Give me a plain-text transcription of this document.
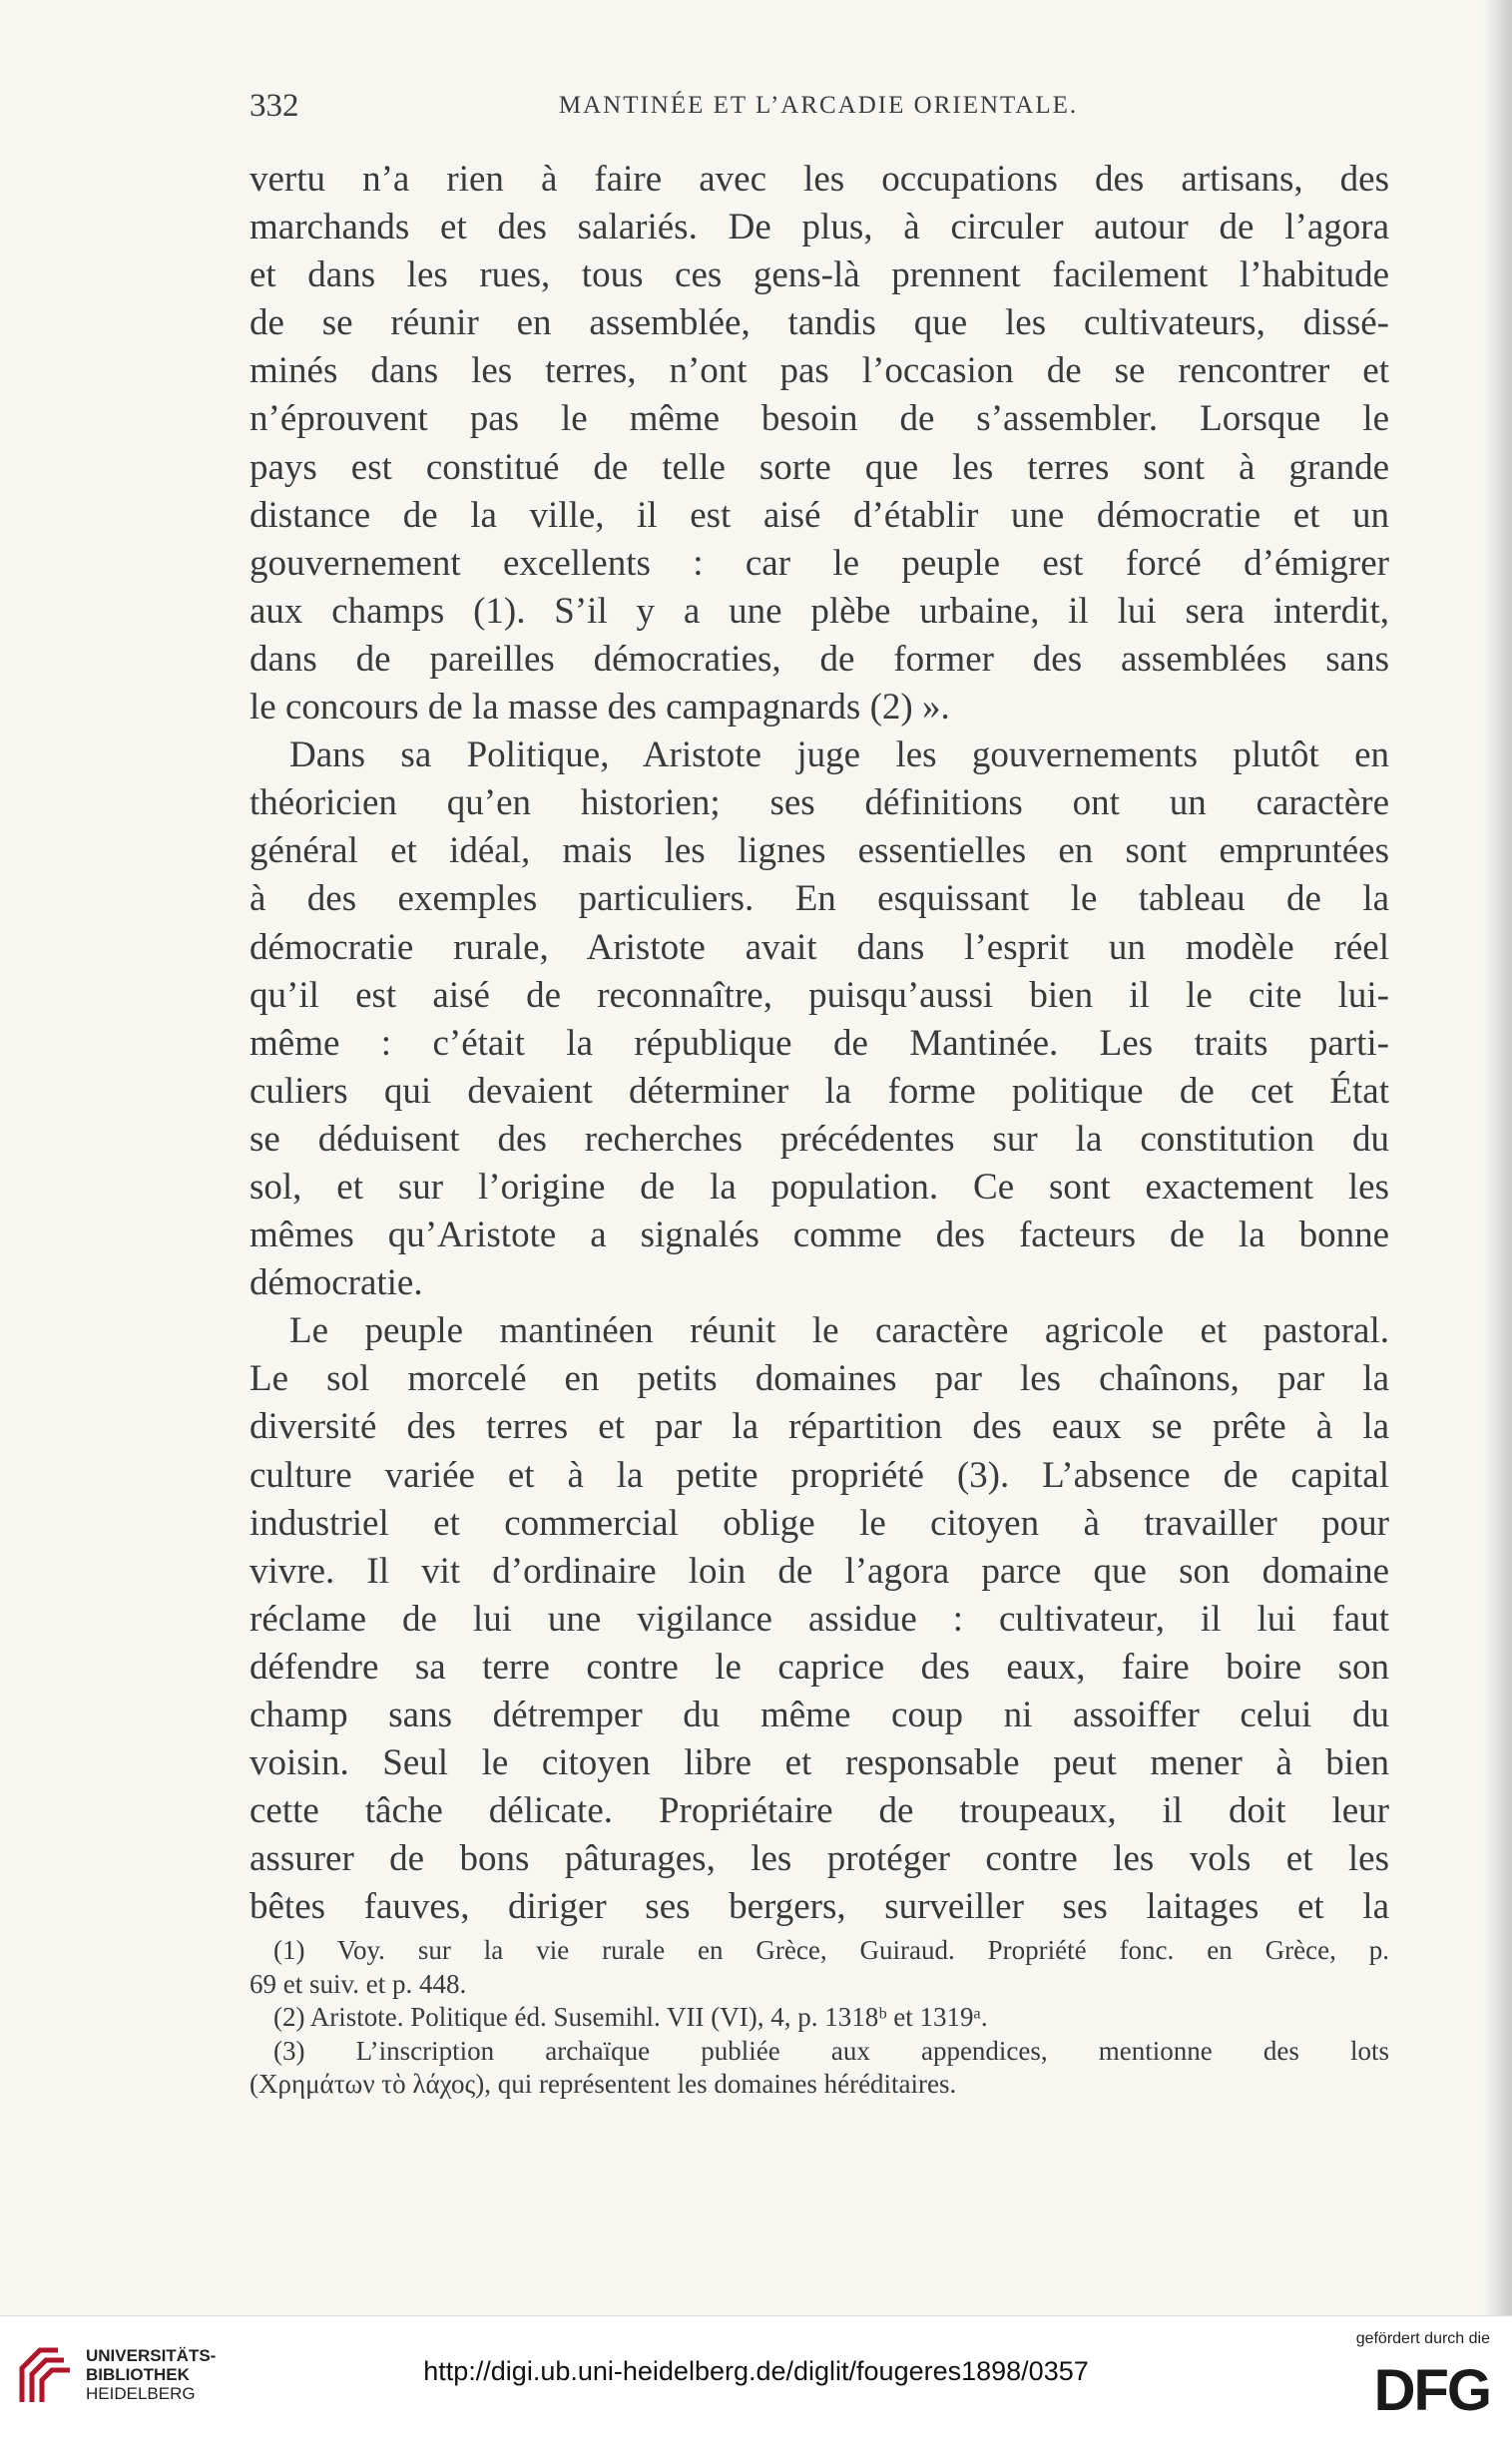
332	MANTINÉE ET L’ARCADIE ORIENTALE.
vertu n’a rien à faire avec les occupations des artisans, des
marchands et des salariés. De plus, à circuler autour de l’agora
et dans les rues, tous ces gens-là prennent facilement l’habitude
de se réunir en assemblée, tandis que les cultivateurs, dissé-
minés dans les terres, n’ont pas l’occasion de se rencontrer et
n’éprouvent pas le même besoin de s’assembler. Lorsque le
pays est constitué de telle sorte que les terres sont à grande
distance de la ville, il est aisé d’établir une démocratie et un
gouvernement excellents : car le peuple est forcé d’émigrer
aux champs (1). S’il y a une plèbe urbaine, il lui sera interdit,
dans de pareilles démocraties, de former des assemblées sans
le concours de la masse des campagnards (2) ».
Dans sa Politique, Aristote juge les gouvernements plutôt en
théoricien qu’en historien; ses définitions ont un caractère
général et idéal, mais les lignes essentielles en sont empruntées
à des exemples particuliers. En esquissant le tableau de la
démocratie rurale, Aristote avait dans l’esprit un modèle réel
qu’il est aisé de reconnaître, puisqu’aussi bien il le cite lui-
même : c’était la république de Mantinée. Les traits parti-
culiers qui devaient déterminer la forme politique de cet État
se déduisent des recherches précédentes sur la constitution du
sol, et sur l’origine de la population. Ce sont exactement les
mêmes qu’Aristote a signalés comme des facteurs de la bonne
démocratie.
Le peuple mantinéen réunit le caractère agricole et pastoral.
Le sol morcelé en petits domaines par les chaînons, par la
diversité des terres et par la répartition des eaux se prête à la
culture variée et à la petite propriété (3). L’absence de capital
industriel et commercial oblige le citoyen à travailler pour
vivre. Il vit d’ordinaire loin de l’agora parce que son domaine
réclame de lui une vigilance assidue : cultivateur, il lui faut
défendre sa terre contre le caprice des eaux, faire boire son
champ sans détremper du même coup ni assoiffer celui du
voisin. Seul le citoyen libre et responsable peut mener à bien
cette tâche délicate. Propriétaire de troupeaux, il doit leur
assurer de bons pâturages, les protéger contre les vols et les
bêtes fauves, diriger ses bergers, surveiller ses laitages et la
(1) Voy. sur la vie rurale en Grèce, Guiraud. Propriété fonc. en Grèce, p.
69 et suiv. et p. 448.
(2) Aristote. Politique éd. Susemihl. VII (VI), 4, p. 1318ᵇ et 1319ᵃ.
(3) L’inscription archaïque publiée aux appendices, mentionne des lots
(Χρημάτων τὸ λάχος), qui représentent les domaines héréditaires.
UNIVERSITÄTS-
BIBLIOTHEK
HEIDELBERG
http://digi.ub.uni-heidelberg.de/diglit/fougeres1898/0357
gefördert durch die
DFG
